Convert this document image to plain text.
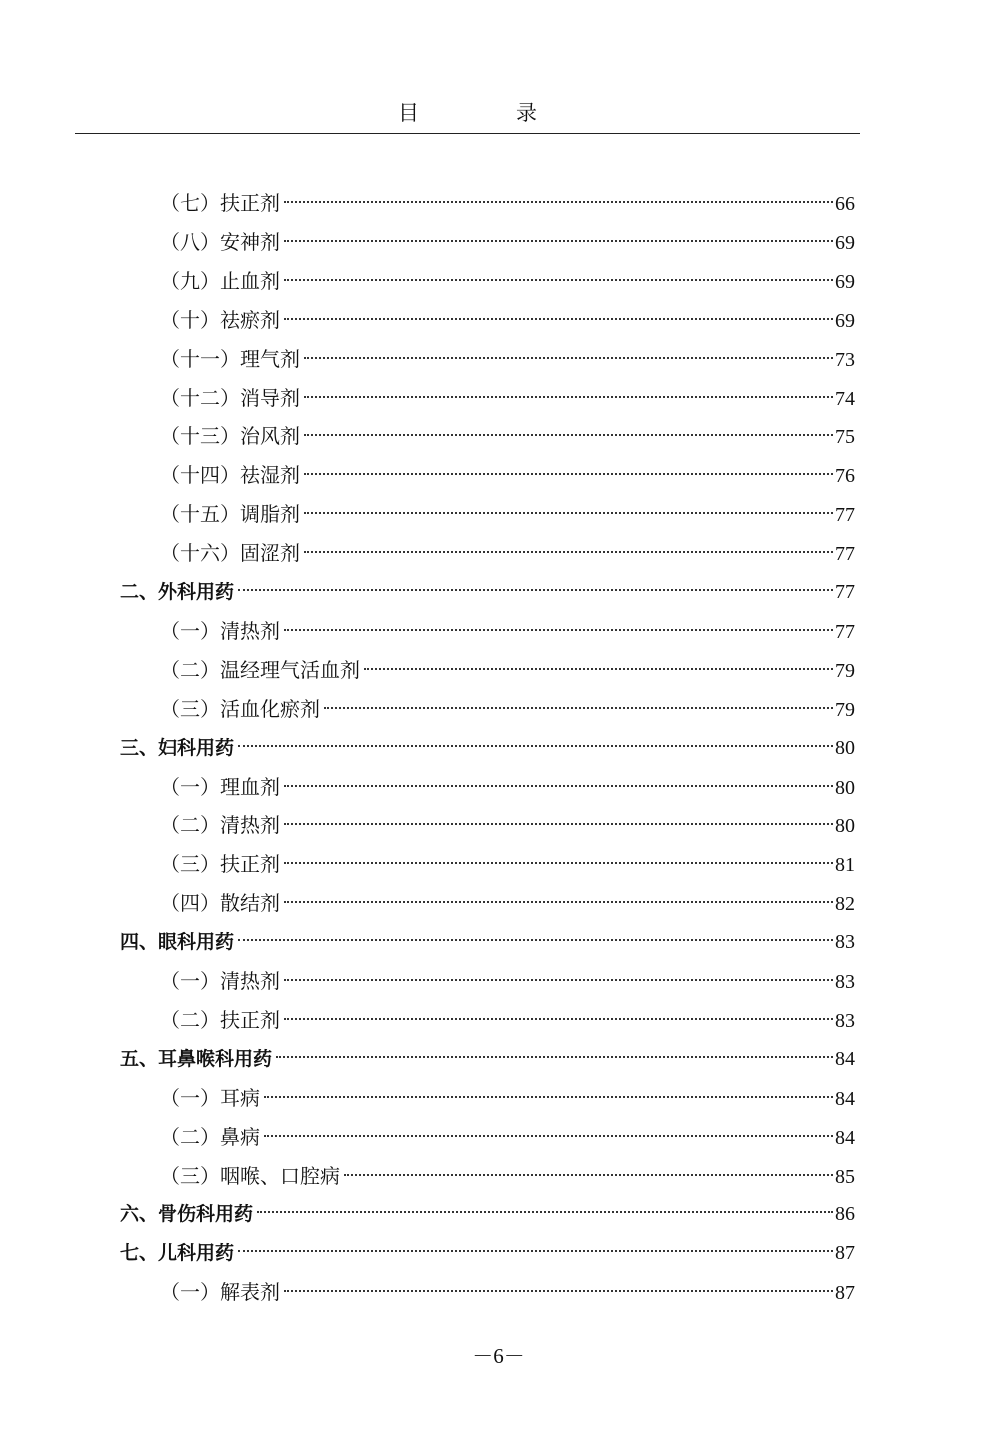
目　录
（七）扶正剂	66
（八）安神剂	69
（九）止血剂	69
（十）祛瘀剂	69
（十一）理气剂	73
（十二）消导剂	74
（十三）治风剂	75
（十四）祛湿剂	76
（十五）调脂剂	77
（十六）固涩剂	77
二、外科用药	77
（一）清热剂	77
（二）温经理气活血剂	79
（三）活血化瘀剂	79
三、妇科用药	80
（一）理血剂	80
（二）清热剂	80
（三）扶正剂	81
（四）散结剂	82
四、眼科用药	83
（一）清热剂	83
（二）扶正剂	83
五、耳鼻喉科用药	84
（一）耳病	84
（二）鼻病	84
（三）咽喉、口腔病	85
六、骨伤科用药	86
七、儿科用药	87
（一）解表剂	87
－6－
